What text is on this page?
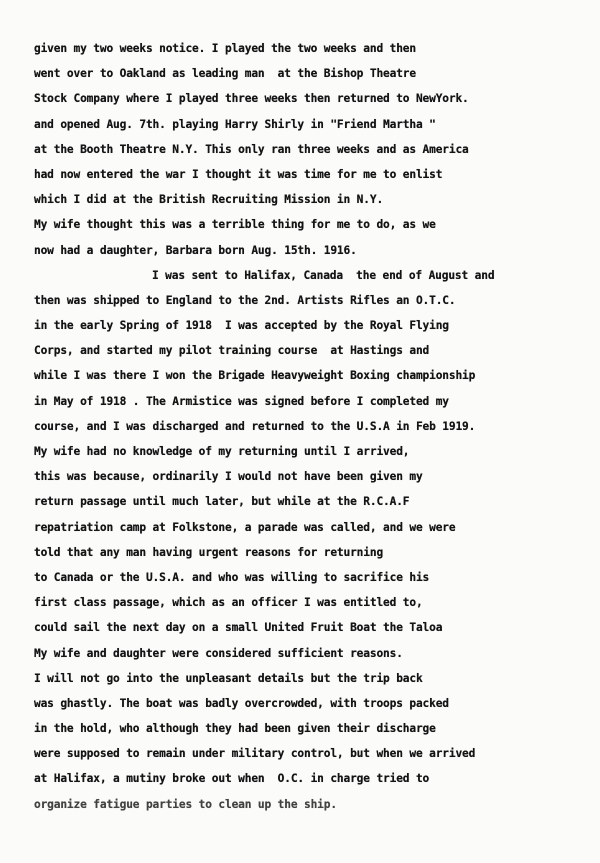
given my two weeks notice. I played the two weeks and then
went over to Oakland as leading man  at the Bishop Theatre
Stock Company where I played three weeks then returned to NewYork.
and opened Aug. 7th. playing Harry Shirly in "Friend Martha "
at the Booth Theatre N.Y. This only ran three weeks and as America
had now entered the war I thought it was time for me to enlist
which I did at the British Recruiting Mission in N.Y.
My wife thought this was a terrible thing for me to do, as we
now had a daughter, Barbara born Aug. 15th. 1916.
I was sent to Halifax, Canada  the end of August and
then was shipped to England to the 2nd. Artists Rifles an O.T.C.
in the early Spring of 1918  I was accepted by the Royal Flying
Corps, and started my pilot training course  at Hastings and
while I was there I won the Brigade Heavyweight Boxing championship
in May of 1918 . The Armistice was signed before I completed my
course, and I was discharged and returned to the U.S.A in Feb 1919.
My wife had no knowledge of my returning until I arrived,
this was because, ordinarily I would not have been given my
return passage until much later, but while at the R.C.A.F
repatriation camp at Folkstone, a parade was called, and we were
told that any man having urgent reasons for returning
to Canada or the U.S.A. and who was willing to sacrifice his
first class passage, which as an officer I was entitled to,
could sail the next day on a small United Fruit Boat the Taloa
My wife and daughter were considered sufficient reasons.
I will not go into the unpleasant details but the trip back
was ghastly. The boat was badly overcrowded, with troops packed
in the hold, who although they had been given their discharge
were supposed to remain under military control, but when we arrived
at Halifax, a mutiny broke out when  O.C. in charge tried to
organize fatigue parties to clean up the ship.
